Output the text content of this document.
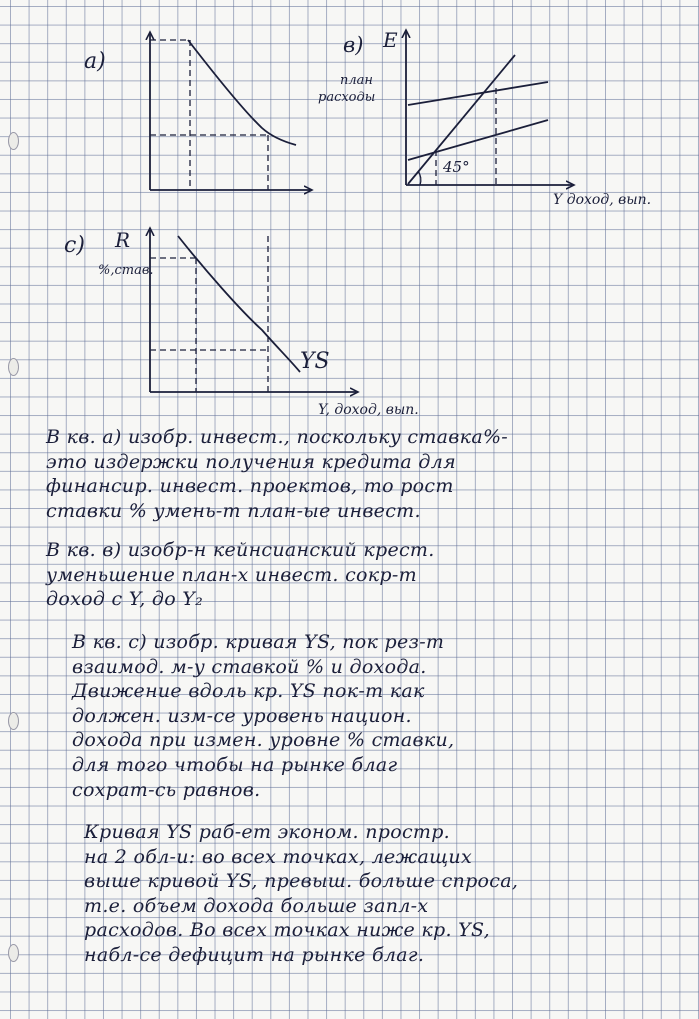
а)
в) E
план
расходы
45°
Y доход, вып.
с) R
%,став.
YS
Y, доход, вып.
В кв. а) изобр. инвест., поскольку ставка%-
это издержки получения кредита для
финансир. инвест. проектов, то рост
ставки % умень-т план-ые инвест.
В кв. в) изобр-н кейнсианский крест.
уменьшение план-х инвест. сокр-т
доход с Y, до Y₂
В кв. с) изобр. кривая YS, пок рез-т
взаимод. м-у ставкой % и дохода.
Движение вдоль кр. YS пок-т как
должен. изм-се уровень национ.
дохода при измен. уровне % ставки,
для того чтобы на рынке благ
сохрат-сь равнов.
Кривая YS раб-ет эконом. простр.
на 2 обл-и: во всех точках, лежащих
выше кривой YS, превыш. больше спроса,
т.е. объем дохода больше запл-х
расходов. Во всех точках ниже кр. YS,
набл-се дефицит на рынке благ.
